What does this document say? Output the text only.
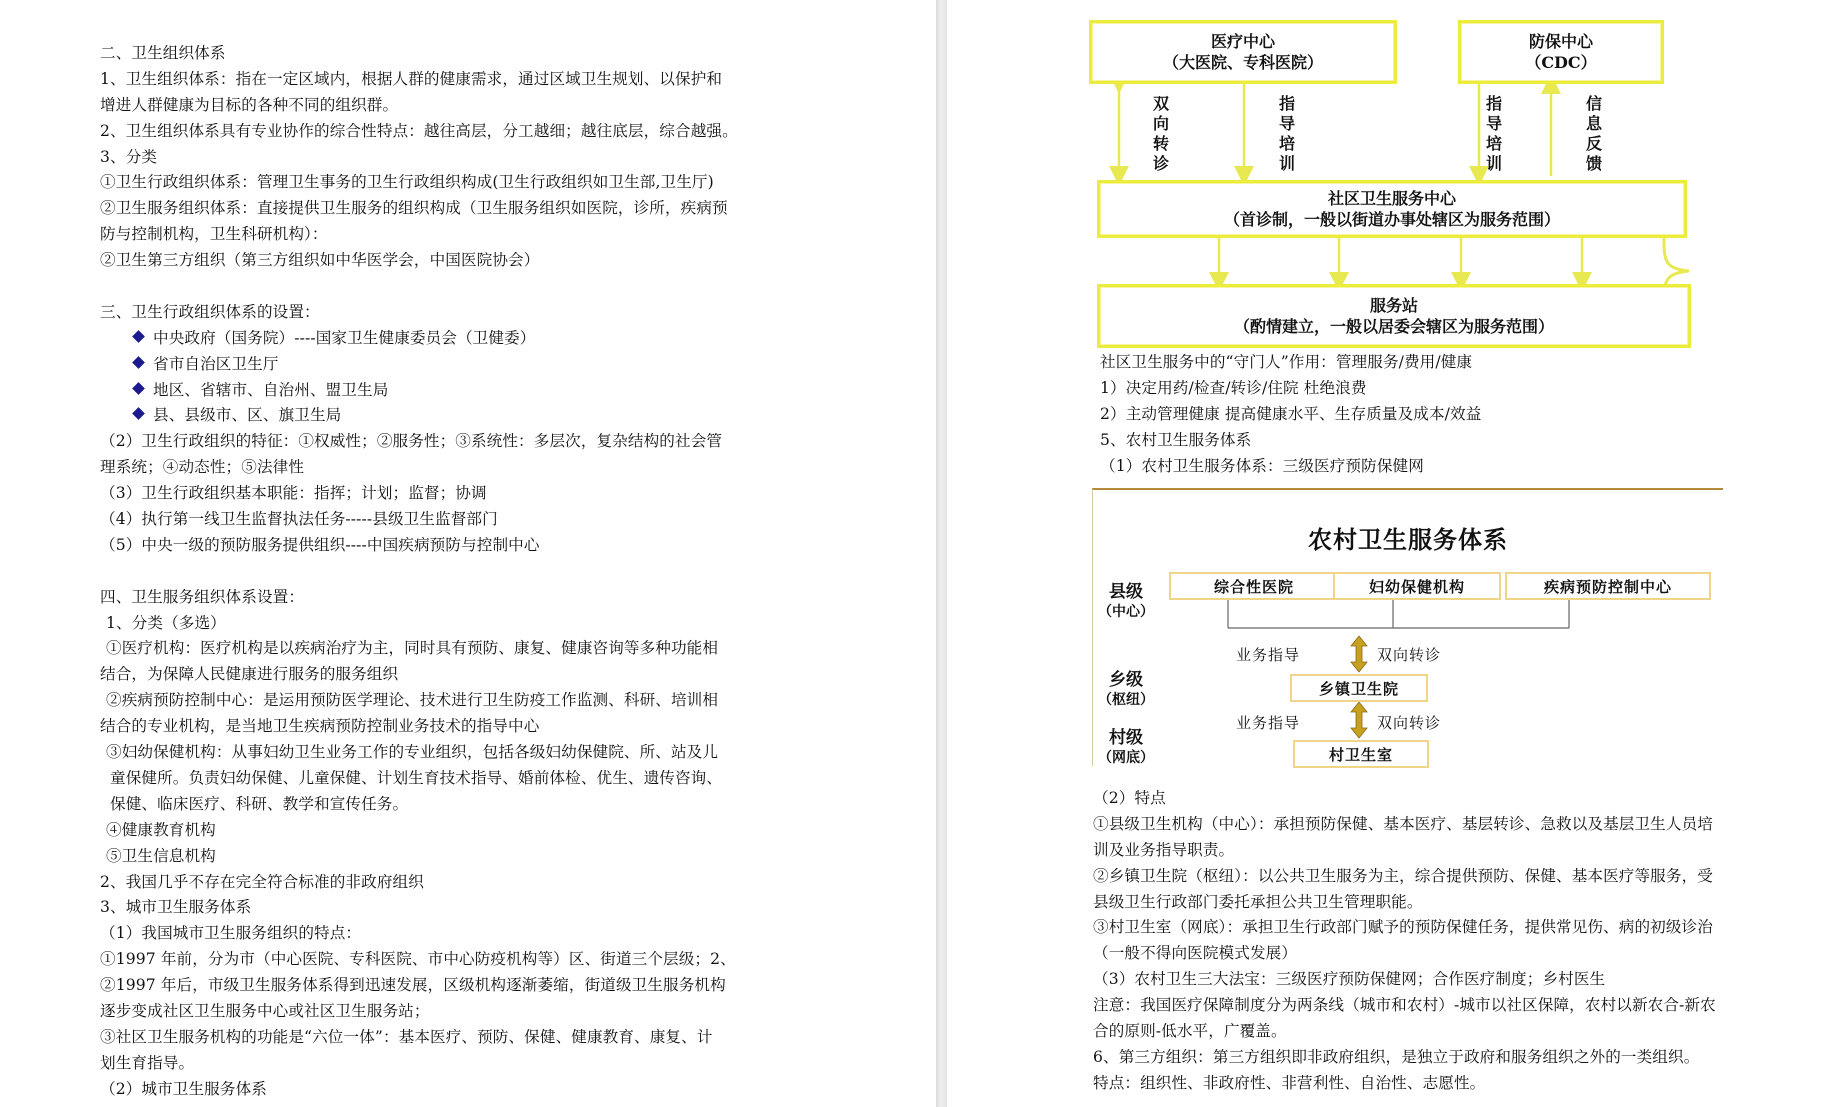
二、卫生组织体系
1、卫生组织体系：指在一定区域内，根据人群的健康需求，通过区域卫生规划、以保护和
增进人群健康为目标的各种不同的组织群。
2、卫生组织体系具有专业协作的综合性特点：越往高层，分工越细；越往底层，综合越强。
3、分类
①卫生行政组织体系：管理卫生事务的卫生行政组织构成(卫生行政组织如卫生部,卫生厅)
②卫生服务组织体系：直接提供卫生服务的组织构成（卫生服务组织如医院，诊所，疾病预
防与控制机构，卫生科研机构）：
②卫生第三方组织（第三方组织如中华医学会，中国医院协会）
三、卫生行政组织体系的设置：
中央政府（国务院）----国家卫生健康委员会（卫健委）
省市自治区卫生厅
地区、省辖市、自治州、盟卫生局
县、县级市、区、旗卫生局
（2）卫生行政组织的特征：①权威性；②服务性；③系统性：多层次，复杂结构的社会管
理系统；④动态性；⑤法律性
（3）卫生行政组织基本职能：指挥；计划；监督；协调
（4）执行第一线卫生监督执法任务-----县级卫生监督部门
（5）中央一级的预防服务提供组织----中国疾病预防与控制中心
四、卫生服务组织体系设置：
1、分类（多选）
①医疗机构：医疗机构是以疾病治疗为主，同时具有预防、康复、健康咨询等多种功能相
结合，为保障人民健康进行服务的服务组织
②疾病预防控制中心：是运用预防医学理论、技术进行卫生防疫工作监测、科研、培训相
结合的专业机构，是当地卫生疾病预防控制业务技术的指导中心
③妇幼保健机构：从事妇幼卫生业务工作的专业组织，包括各级妇幼保健院、所、站及儿
童保健所。负责妇幼保健、儿童保健、计划生育技术指导、婚前体检、优生、遗传咨询、
保健、临床医疗、科研、教学和宣传任务。
④健康教育机构
⑤卫生信息机构
2、我国几乎不存在完全符合标准的非政府组织
3、城市卫生服务体系
（1）我国城市卫生服务组织的特点：
①1997 年前，分为市（中心医院、专科医院、市中心防疫机构等）区、街道三个层级；2、
②1997 年后，市级卫生服务体系得到迅速发展，区级机构逐渐萎缩，街道级卫生服务机构
逐步变成社区卫生服务中心或社区卫生服务站；
③社区卫生服务机构的功能是“六位一体”：基本医疗、预防、保健、健康教育、康复、计
划生育指导。
（2）城市卫生服务体系
医疗中心
（大医院、专科医院）
防保中心
（CDC）
双向转诊
指导培训
指导培训
信息反馈
社区卫生服务中心
（首诊制，一般以街道办事处辖区为服务范围）
服务站
（酌情建立，一般以居委会辖区为服务范围）
社区卫生服务中的“守门人”作用：管理服务/费用/健康
1）决定用药/检查/转诊/住院 杜绝浪费
2）主动管理健康 提高健康水平、生存质量及成本/效益
5、农村卫生服务体系
（1）农村卫生服务体系：三级医疗预防保健网
农村卫生服务体系
县级
（中心）
乡级
（枢纽）
村级
（网底）
综合性医院	妇幼保健机构	疾病预防控制中心
业务指导	双向转诊
乡镇卫生院
业务指导	双向转诊
村卫生室
（2）特点
①县级卫生机构（中心）：承担预防保健、基本医疗、基层转诊、急救以及基层卫生人员培
训及业务指导职责。
②乡镇卫生院（枢纽）：以公共卫生服务为主，综合提供预防、保健、基本医疗等服务，受
县级卫生行政部门委托承担公共卫生管理职能。
③村卫生室（网底）：承担卫生行政部门赋予的预防保健任务，提供常见伤、病的初级诊治
（一般不得向医院模式发展）
（3）农村卫生三大法宝：三级医疗预防保健网；合作医疗制度；乡村医生
注意：我国医疗保障制度分为两条线（城市和农村）-城市以社区保障，农村以新农合-新农
合的原则-低水平，广覆盖。
6、第三方组织：第三方组织即非政府组织，是独立于政府和服务组织之外的一类组织。
特点：组织性、非政府性、非营利性、自治性、志愿性。
